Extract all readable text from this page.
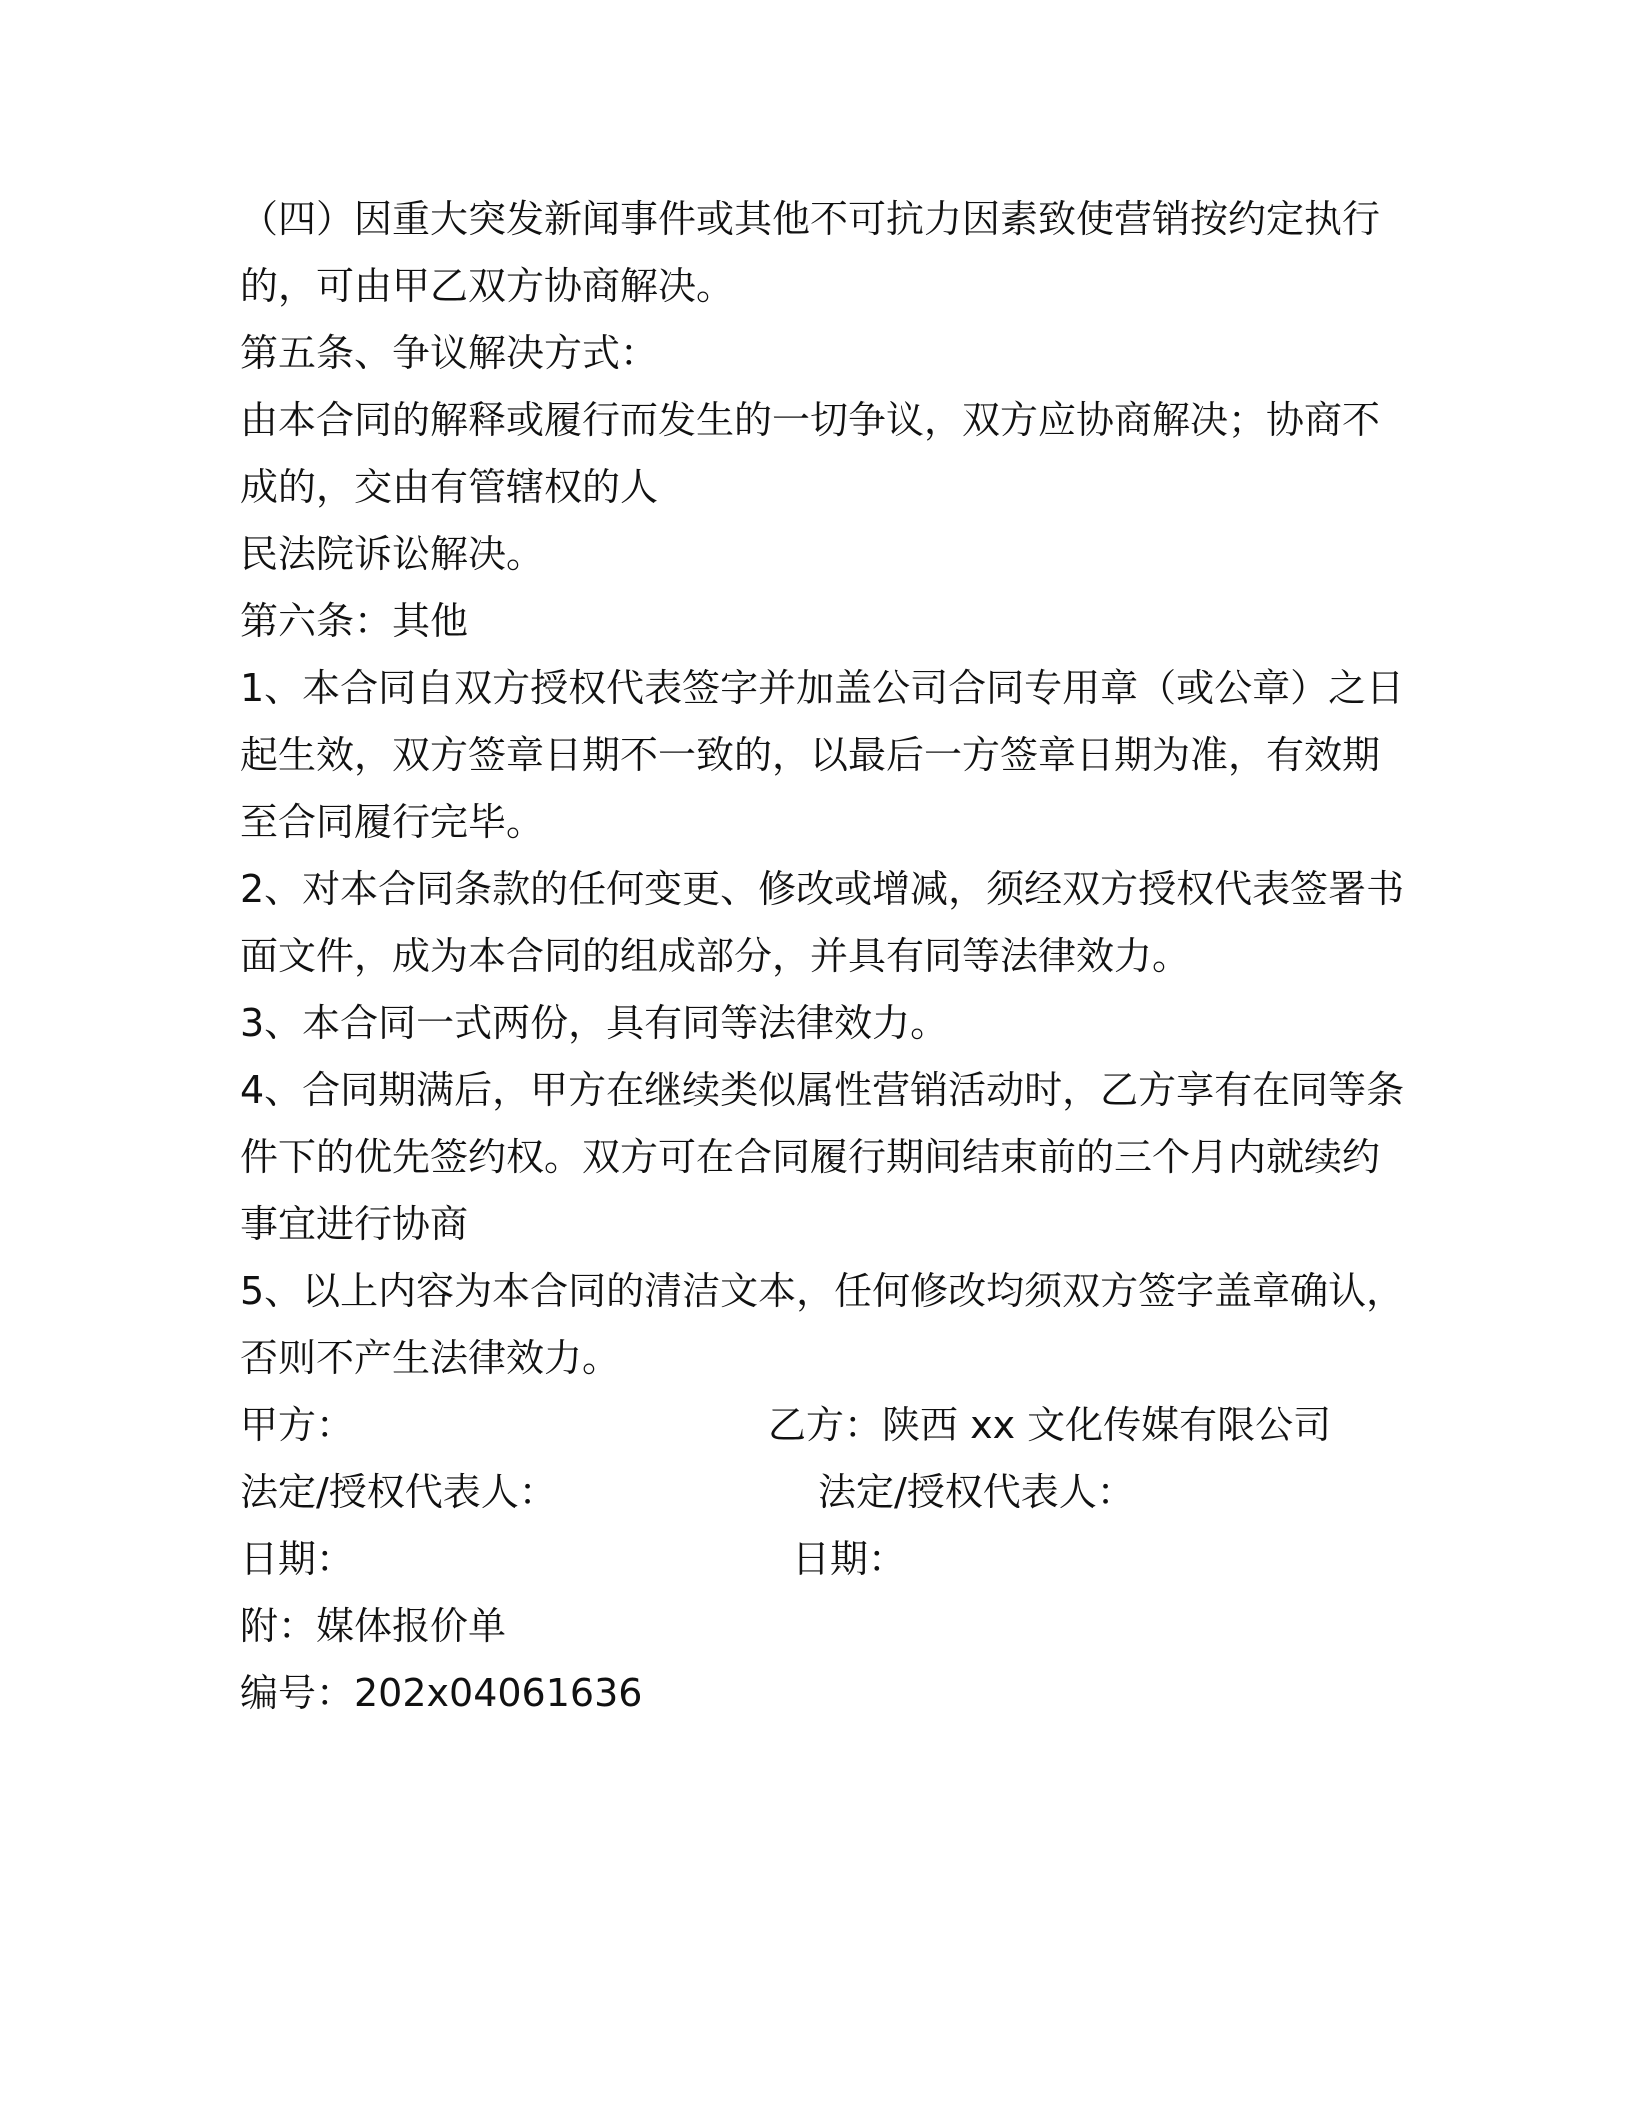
（四）因重大突发新闻事件或其他不可抗力因素致使营销按约定执行
的，可由甲乙双方协商解决。
第五条、争议解决方式：
由本合同的解释或履行而发生的一切争议，双方应协商解决；协商不
成的，交由有管辖权的人
民法院诉讼解决。
第六条：其他
1、本合同自双方授权代表签字并加盖公司合同专用章（或公章）之日
起生效，双方签章日期不一致的，以最后一方签章日期为准，有效期
至合同履行完毕。
2、对本合同条款的任何变更、修改或增减，须经双方授权代表签署书
面文件，成为本合同的组成部分，并具有同等法律效力。
3、本合同一式两份，具有同等法律效力。
4、合同期满后，甲方在继续类似属性营销活动时，乙方享有在同等条
件下的优先签约权。双方可在合同履行期间结束前的三个月内就续约
事宜进行协商
5、以上内容为本合同的清洁文本，任何修改均须双方签字盖章确认，
否则不产生法律效力。
甲方：	乙方：陕西 xx 文化传媒有限公司
法定/授权代表人：	法定/授权代表人：
日期：	日期：
附：媒体报价单
编号：202x04061636
